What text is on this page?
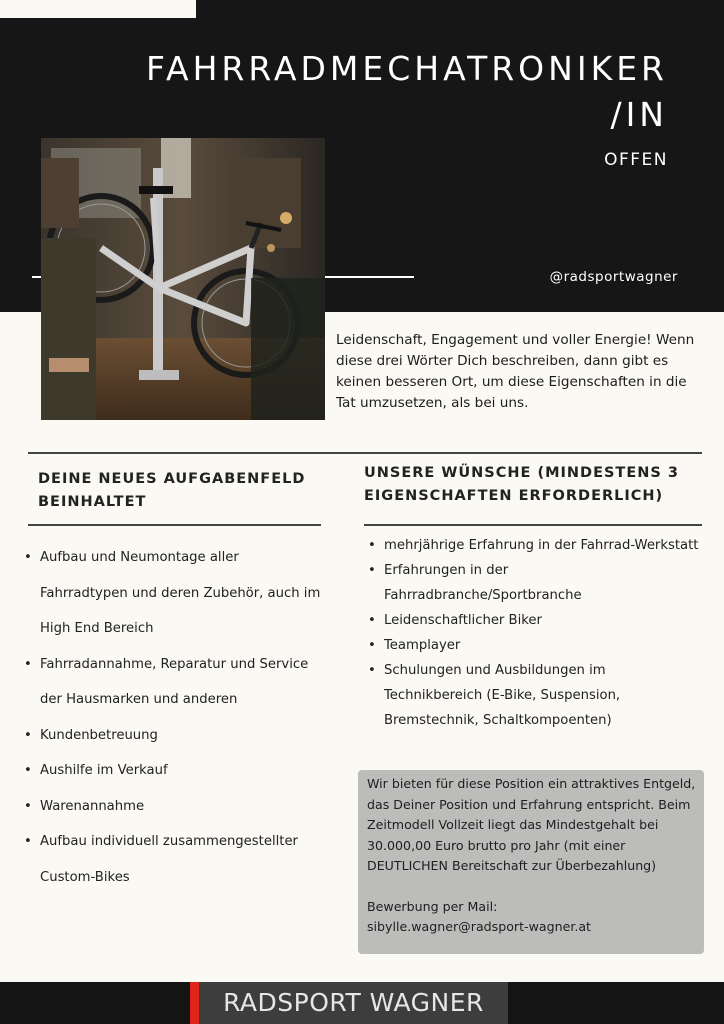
FAHRRADMECHATRONIKER
/IN
OFFEN
@radsportwagner

Leidenschaft, Engagement und voller Energie! Wenn diese drei Wörter Dich beschreiben, dann gibt es keinen besseren Ort, um diese Eigenschaften in die Tat umzusetzen, als bei uns.

DEINE NEUES AUFGABENFELD BEINHALTET
• Aufbau und Neumontage aller Fahrradtypen und deren Zubehör, auch im High End Bereich
• Fahrradannahme, Reparatur und Service der Hausmarken und anderen
• Kundenbetreuung
• Aushilfe im Verkauf
• Warenannahme
• Aufbau individuell zusammengestellter Custom-Bikes
UNSERE WÜNSCHE (MINDESTENS 3 EIGENSCHAFTEN ERFORDERLICH)
• mehrjährige Erfahrung in der Fahrrad-Werkstatt
• Erfahrungen in der Fahrradbranche/Sportbranche
• Leidenschaftlicher Biker
• Teamplayer
• Schulungen und Ausbildungen im Technikbereich (E-Bike, Suspension, Bremstechnik, Schaltkompoenten)

Wir bieten für diese Position ein attraktives Entgeld, das Deiner Position und Erfahrung entspricht. Beim Zeitmodell Vollzeit liegt das Mindestgehalt bei 30.000,00 Euro brutto pro Jahr (mit einer DEUTLICHEN Bereitschaft zur Überbezahlung)

Bewerbung per Mail:
sibylle.wagner@radsport-wagner.at

RADSPORT WAGNER
